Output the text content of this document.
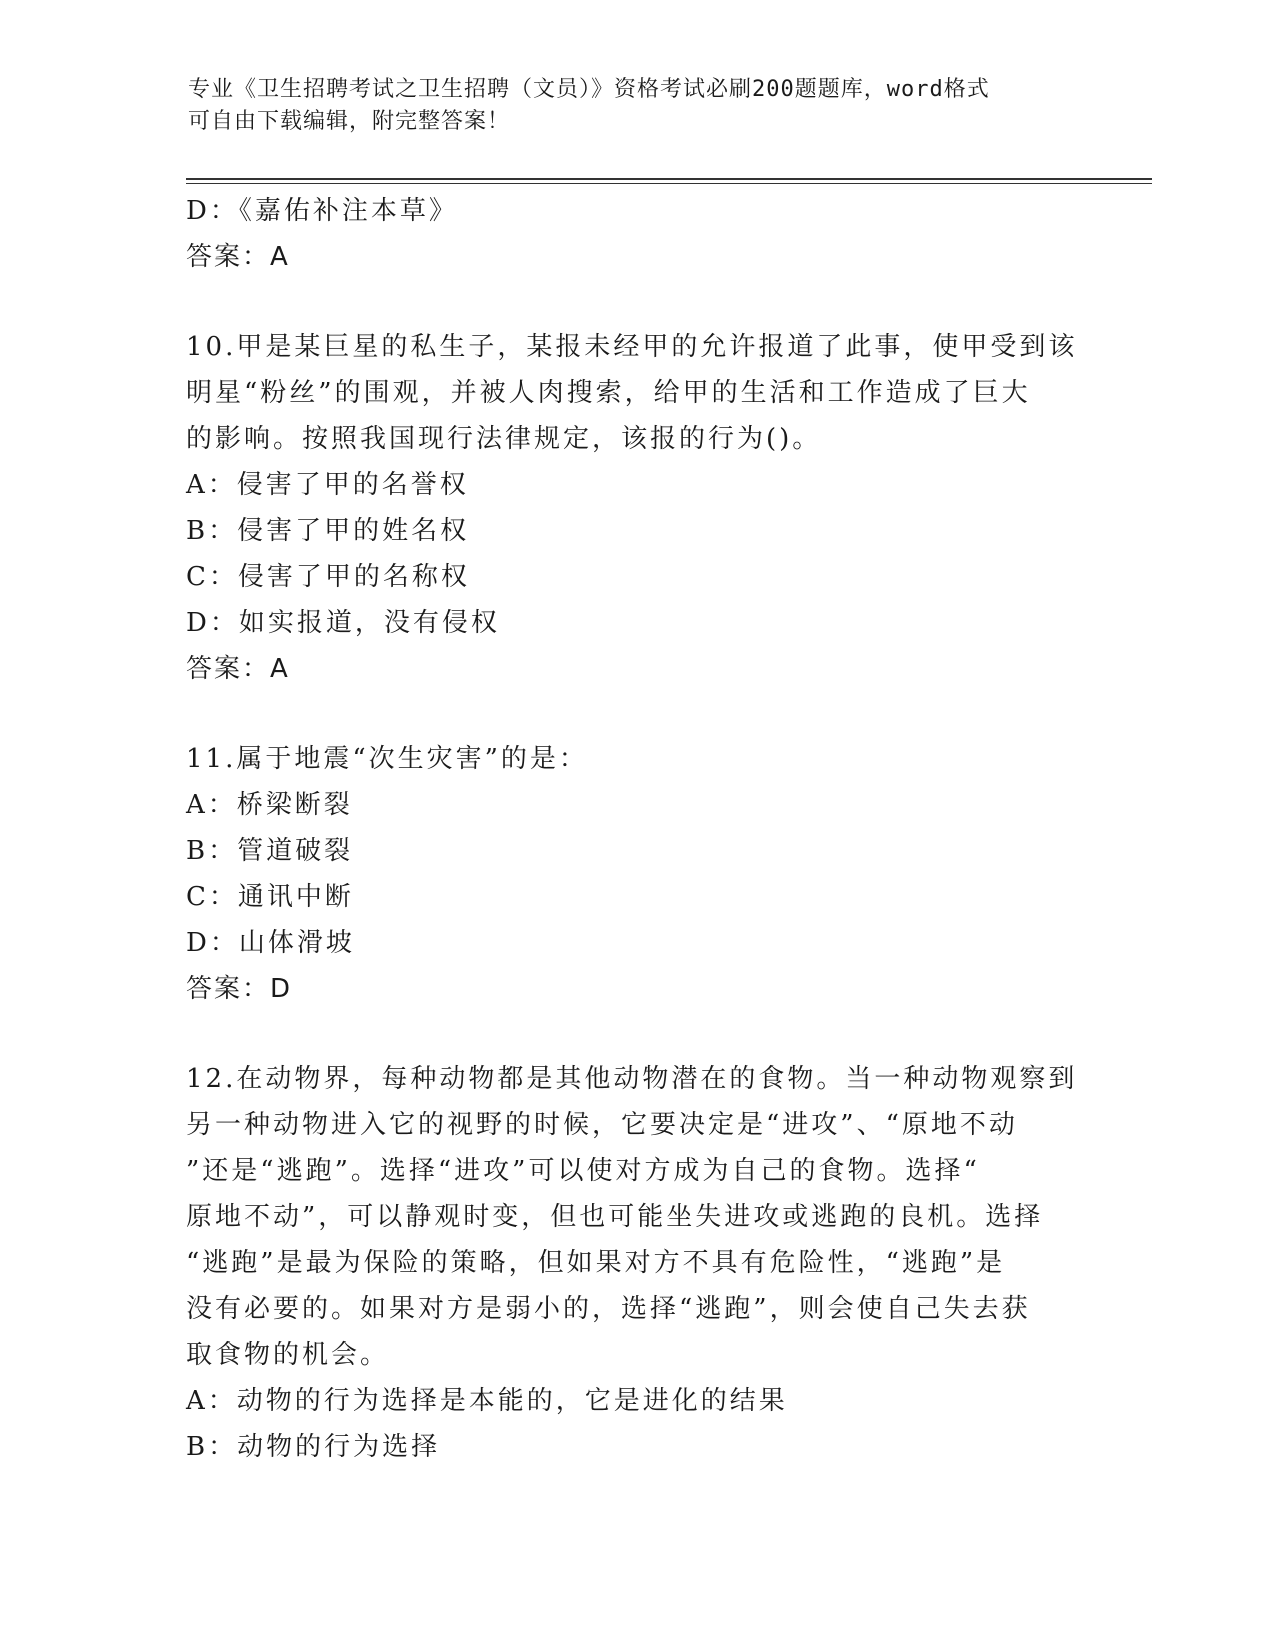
专业《卫生招聘考试之卫生招聘（文员）》资格考试必刷200题题库，word格式
可自由下载编辑，附完整答案！
D：《嘉佑补注本草》
答案：A
10.甲是某巨星的私生子，某报未经甲的允许报道了此事，使甲受到该
明星“粉丝”的围观，并被人肉搜索，给甲的生活和工作造成了巨大
的影响。按照我国现行法律规定，该报的行为()。
A：侵害了甲的名誉权
B：侵害了甲的姓名权
C：侵害了甲的名称权
D：如实报道，没有侵权
答案：A
11.属于地震“次生灾害”的是：
A：桥梁断裂
B：管道破裂
C：通讯中断
D：山体滑坡
答案：D
12.在动物界，每种动物都是其他动物潜在的食物。当一种动物观察到
另一种动物进入它的视野的时候，它要决定是“进攻”、“原地不动
”还是“逃跑”。选择“进攻”可以使对方成为自己的食物。选择“
原地不动”，可以静观时变，但也可能坐失进攻或逃跑的良机。选择
“逃跑”是最为保险的策略，但如果对方不具有危险性，“逃跑”是
没有必要的。如果对方是弱小的，选择“逃跑”，则会使自己失去获
取食物的机会。
A：动物的行为选择是本能的，它是进化的结果
B：动物的行为选择
